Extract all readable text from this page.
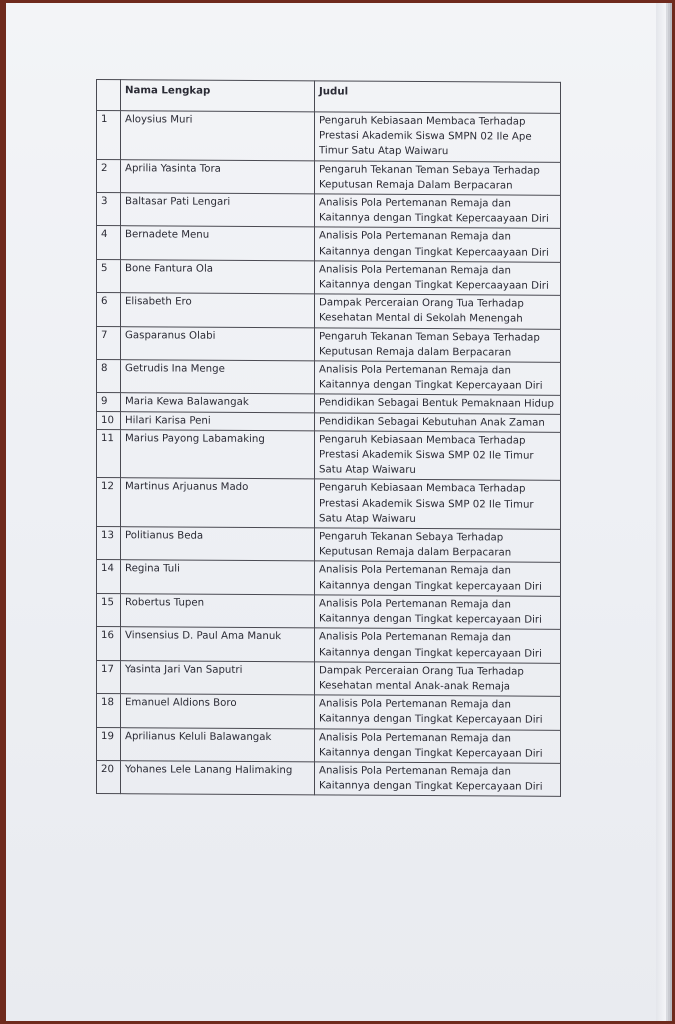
	Nama Lengkap	Judul
1	Aloysius Muri	Pengaruh Kebiasaan Membaca Terhadap
Prestasi Akademik Siswa SMPN 02 Ile Ape
Timur Satu Atap Waiwaru
2	Aprilia Yasinta Tora	Pengaruh Tekanan Teman Sebaya Terhadap
Keputusan Remaja Dalam Berpacaran
3	Baltasar Pati Lengari	Analisis Pola Pertemanan Remaja dan
Kaitannya dengan Tingkat Kepercaayaan Diri
4	Bernadete Menu	Analisis Pola Pertemanan Remaja dan
Kaitannya dengan Tingkat Kepercaayaan Diri
5	Bone Fantura Ola	Analisis Pola Pertemanan Remaja dan
Kaitannya dengan Tingkat Kepercaayaan Diri
6	Elisabeth Ero	Dampak Perceraian Orang Tua Terhadap
Kesehatan Mental di Sekolah Menengah
7	Gasparanus Olabi	Pengaruh Tekanan Teman Sebaya Terhadap
Keputusan Remaja dalam Berpacaran
8	Getrudis Ina Menge	Analisis Pola Pertemanan Remaja dan
Kaitannya dengan Tingkat Kepercayaan Diri
9	Maria Kewa Balawangak	Pendidikan Sebagai Bentuk Pemaknaan Hidup
10	Hilari Karisa Peni	Pendidikan Sebagai Kebutuhan Anak Zaman
11	Marius Payong Labamaking	Pengaruh Kebiasaan Membaca Terhadap
Prestasi Akademik Siswa SMP 02 Ile Timur
Satu Atap Waiwaru
12	Martinus Arjuanus Mado	Pengaruh Kebiasaan Membaca Terhadap
Prestasi Akademik Siswa SMP 02 Ile Timur
Satu Atap Waiwaru
13	Politianus Beda	Pengaruh Tekanan Sebaya Terhadap
Keputusan Remaja dalam Berpacaran
14	Regina Tuli	Analisis Pola Pertemanan Remaja dan
Kaitannya dengan Tingkat kepercayaan Diri
15	Robertus Tupen	Analisis Pola Pertemanan Remaja dan
Kaitannya dengan Tingkat kepercayaan Diri
16	Vinsensius D. Paul Ama Manuk	Analisis Pola Pertemanan Remaja dan
Kaitannya dengan Tingkat kepercayaan Diri
17	Yasinta Jari Van Saputri	Dampak Perceraian Orang Tua Terhadap
Kesehatan mental Anak-anak Remaja
18	Emanuel Aldions Boro	Analisis Pola Pertemanan Remaja dan
Kaitannya dengan Tingkat Kepercayaan Diri
19	Aprilianus Keluli Balawangak	Analisis Pola Pertemanan Remaja dan
Kaitannya dengan Tingkat Kepercayaan Diri
20	Yohanes Lele Lanang Halimaking	Analisis Pola Pertemanan Remaja dan
Kaitannya dengan Tingkat Kepercayaan Diri
